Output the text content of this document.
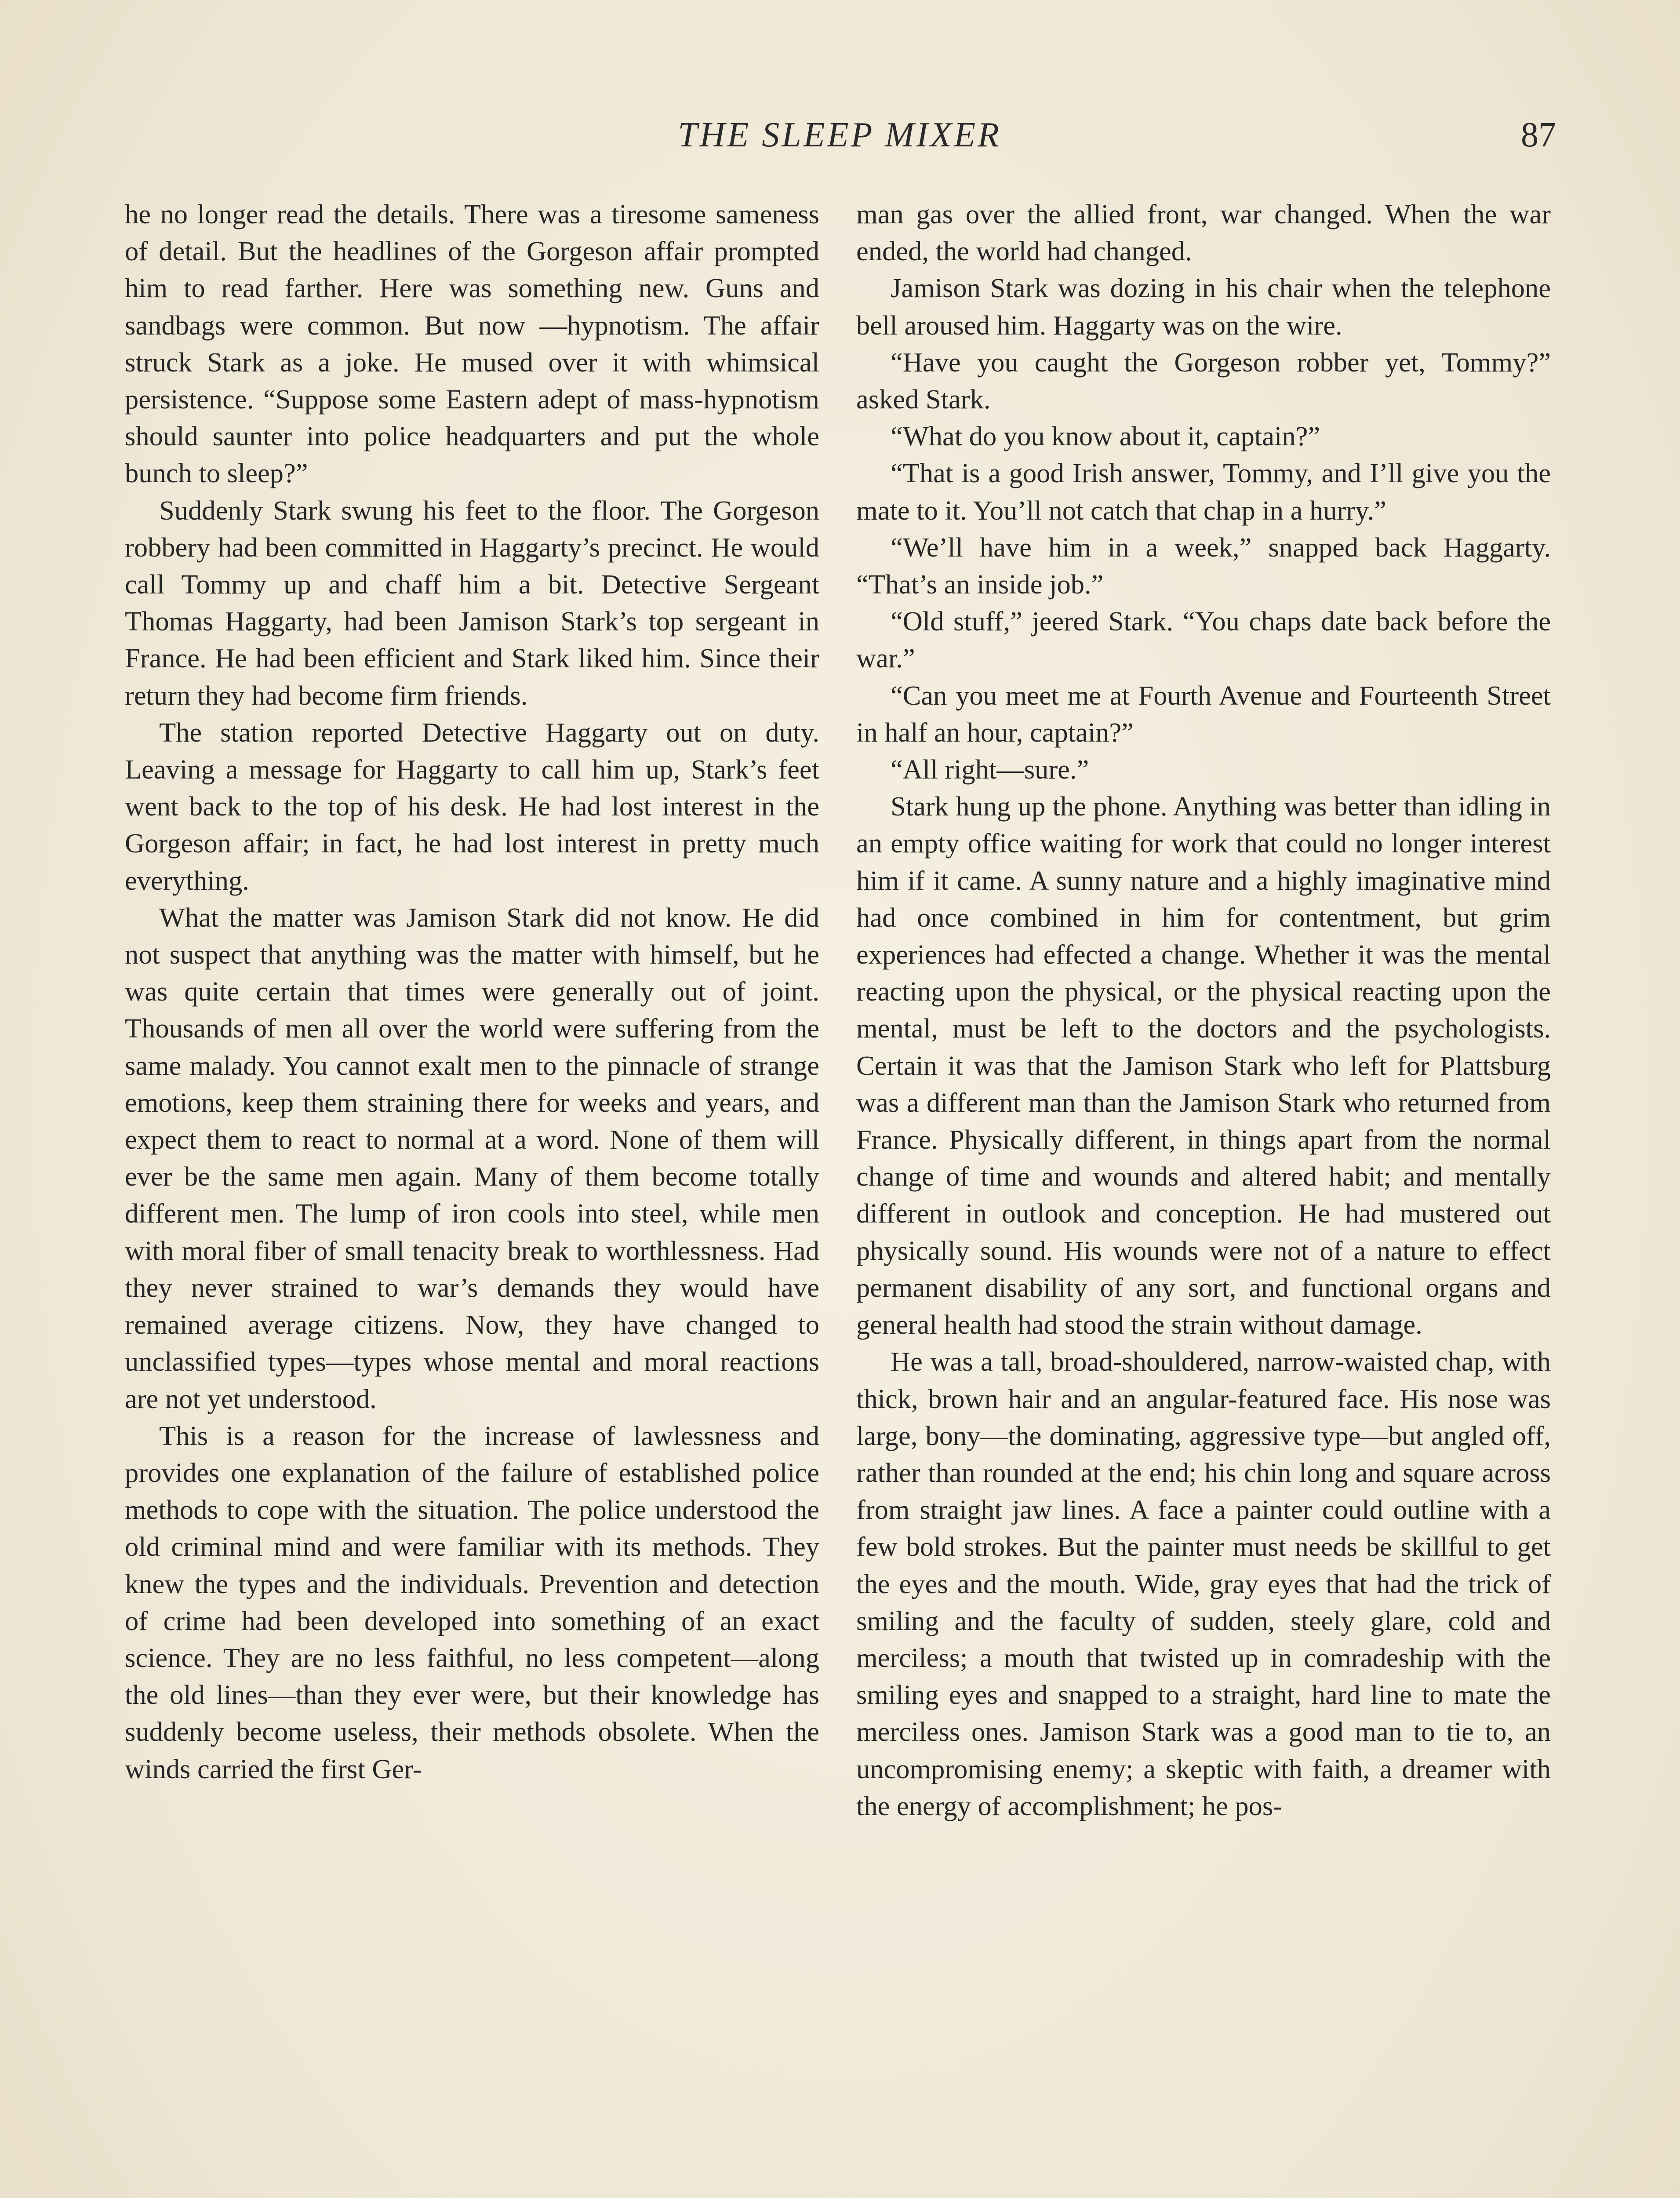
THE SLEEP MIXER	87

he no longer read the details. There was a tiresome sameness of detail. But the headlines of the Gorgeson affair prompted him to read farther. Here was something new. Guns and sandbags were common. But now —hypnotism. The affair struck Stark as a joke. He mused over it with whimsical persistence. “Suppose some Eastern adept of mass-hypnotism should saunter into police headquarters and put the whole bunch to sleep?”

Suddenly Stark swung his feet to the floor. The Gorgeson robbery had been committed in Haggarty’s precinct. He would call Tommy up and chaff him a bit. Detective Sergeant Thomas Haggarty, had been Jamison Stark’s top sergeant in France. He had been efficient and Stark liked him. Since their return they had become firm friends.

The station reported Detective Haggarty out on duty. Leaving a message for Haggarty to call him up, Stark’s feet went back to the top of his desk. He had lost interest in the Gorgeson affair; in fact, he had lost interest in pretty much everything.

What the matter was Jamison Stark did not know. He did not suspect that anything was the matter with himself, but he was quite certain that times were generally out of joint. Thousands of men all over the world were suffering from the same malady. You cannot exalt men to the pinnacle of strange emotions, keep them straining there for weeks and years, and expect them to react to normal at a word. None of them will ever be the same men again. Many of them become totally different men. The lump of iron cools into steel, while men with moral fiber of small tenacity break to worthlessness. Had they never strained to war’s demands they would have remained average citizens. Now, they have changed to unclassified types—types whose mental and moral reactions are not yet understood.

This is a reason for the increase of lawlessness and provides one explanation of the failure of established police methods to cope with the situation. The police understood the old criminal mind and were familiar with its methods. They knew the types and the individuals. Prevention and detection of crime had been developed into something of an exact science. They are no less faithful, no less competent—along the old lines—than they ever were, but their knowledge has suddenly become useless, their methods obsolete. When the winds carried the first Ger-

man gas over the allied front, war changed. When the war ended, the world had changed.

Jamison Stark was dozing in his chair when the telephone bell aroused him. Haggarty was on the wire.

“Have you caught the Gorgeson robber yet, Tommy?” asked Stark.

“What do you know about it, captain?”

“That is a good Irish answer, Tommy, and I’ll give you the mate to it. You’ll not catch that chap in a hurry.”

“We’ll have him in a week,” snapped back Haggarty. “That’s an inside job.”

“Old stuff,” jeered Stark. “You chaps date back before the war.”

“Can you meet me at Fourth Avenue and Fourteenth Street in half an hour, captain?”

“All right—sure.”

Stark hung up the phone. Anything was better than idling in an empty office waiting for work that could no longer interest him if it came. A sunny nature and a highly imaginative mind had once combined in him for contentment, but grim experiences had effected a change. Whether it was the mental reacting upon the physical, or the physical reacting upon the mental, must be left to the doctors and the psychologists. Certain it was that the Jamison Stark who left for Plattsburg was a different man than the Jamison Stark who returned from France. Physically different, in things apart from the normal change of time and wounds and altered habit; and mentally different in outlook and conception. He had mustered out physically sound. His wounds were not of a nature to effect permanent disability of any sort, and functional organs and general health had stood the strain without damage.

He was a tall, broad-shouldered, narrow-waisted chap, with thick, brown hair and an angular-featured face. His nose was large, bony—the dominating, aggressive type—but angled off, rather than rounded at the end; his chin long and square across from straight jaw lines. A face a painter could outline with a few bold strokes. But the painter must needs be skillful to get the eyes and the mouth. Wide, gray eyes that had the trick of smiling and the faculty of sudden, steely glare, cold and merciless; a mouth that twisted up in comradeship with the smiling eyes and snapped to a straight, hard line to mate the merciless ones. Jamison Stark was a good man to tie to, an uncompromising enemy; a skeptic with faith, a dreamer with the energy of accomplishment; he pos-
